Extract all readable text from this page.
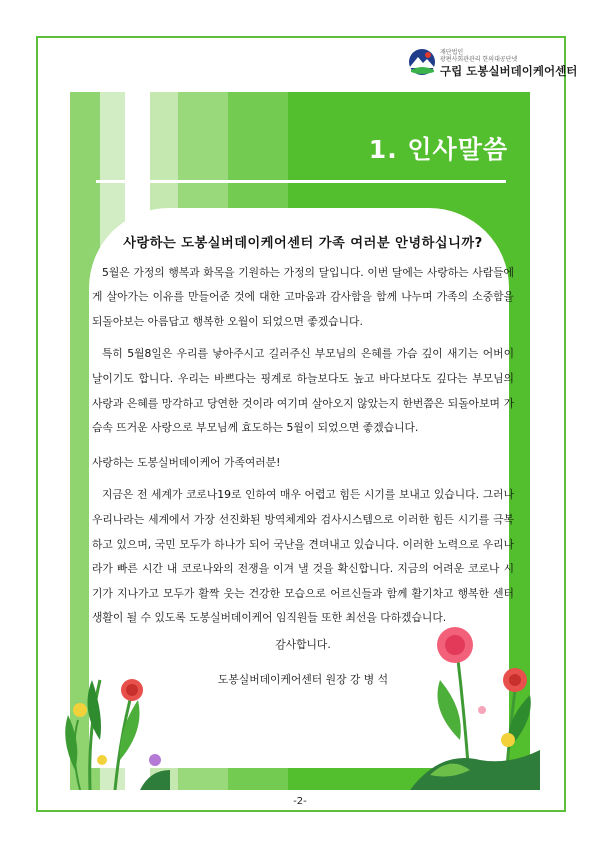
재단법인
광편사회관관리 한의대공단넷
구립 도봉실버데이케어센터
1. 인사말씀
사랑하는 도봉실버데이케어센터 가족 여러분 안녕하십니까?
5월은 가정의 행복과 화목을 기원하는 가정의 달입니다. 이번 달에는 사랑하는 사람들에게 살아가는 이유를 만들어준 것에 대한 고마움과 감사함을 함께 나누며 가족의 소중함을 되돌아보는 아름답고 행복한 오월이 되었으면 좋겠습니다.
특히 5월8일은 우리를 낳아주시고 길러주신 부모님의 은혜를 가슴 깊이 새기는 어버이날이기도 합니다. 우리는 바쁘다는 핑계로 하늘보다도 높고 바다보다도 깊다는 부모님의 사랑과 은혜를 망각하고 당연한 것이라 여기며 살아오지 않았는지 한번쯤은 되돌아보며 가슴속 뜨거운 사랑으로 부모님께 효도하는 5월이 되었으면 좋겠습니다.
사랑하는 도봉실버데이케어 가족여러분!
지금은 전 세계가 코로나19로 인하여 매우 어렵고 힘든 시기를 보내고 있습니다. 그러나 우리나라는 세계에서 가장 선진화된 방역체계와 검사시스템으로 이러한 힘든 시기를 극복하고 있으며, 국민 모두가 하나가 되어 국난을 견뎌내고 있습니다. 이러한 노력으로 우리나라가 빠른 시간 내 코로나와의 전쟁을 이겨 낼 것을 확신합니다. 지금의 어려운 코로나 시기가 지나가고 모두가 활짝 웃는 건강한 모습으로 어르신들과 함께 활기차고 행복한 센터 생활이 될 수 있도록 도봉실버데이케어 임직원들 또한 최선을 다하겠습니다.
감사합니다.
도봉실버데이케어센터 원장 강 병 석
-2-
